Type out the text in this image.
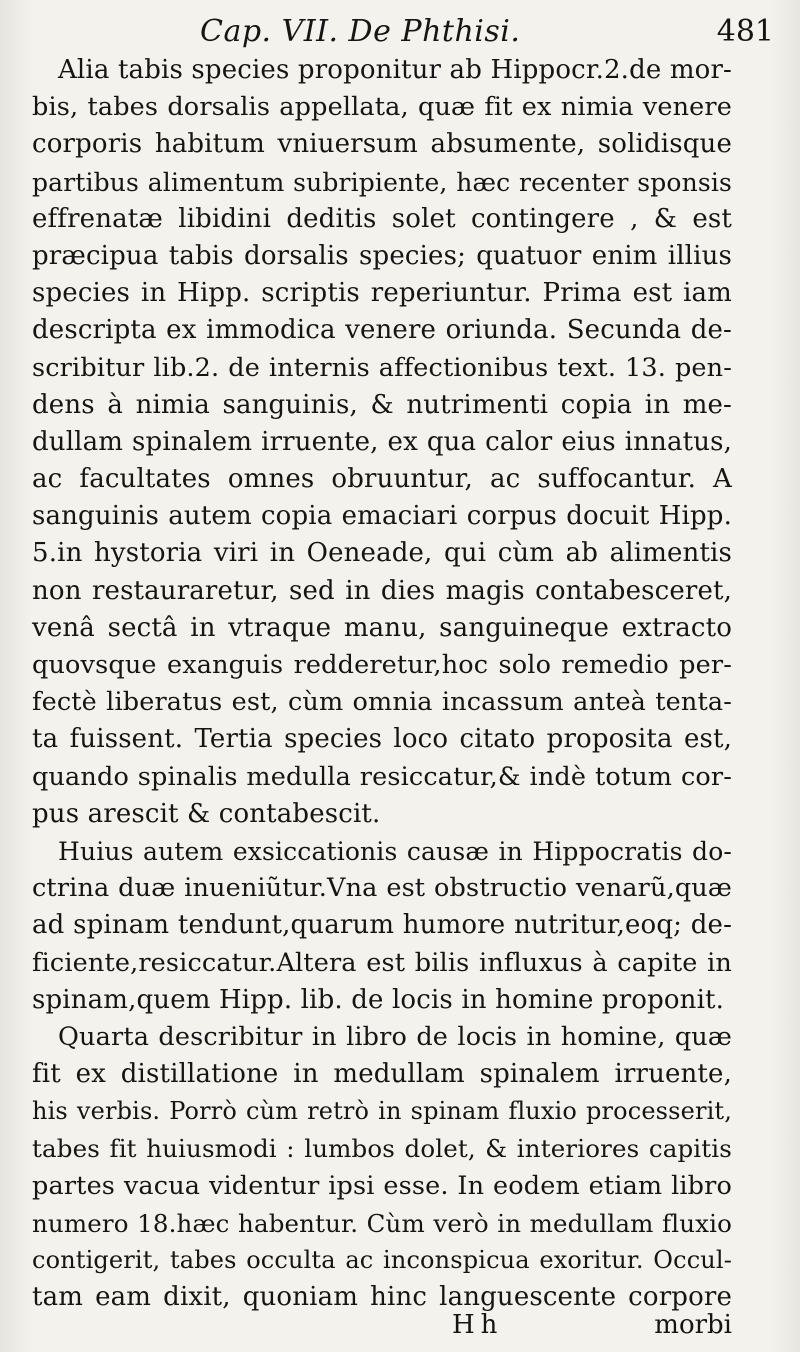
Cap. VII. De Phthisi.	481
Alia tabis species proponitur ab Hippocr.2.de mor-
bis, tabes dorsalis appellata, quæ fit ex nimia venere
corporis habitum vniuersum absumente, solidisque
partibus alimentum subripiente, hæc recenter sponsis
effrenatæ libidini deditis solet contingere , & est
præcipua tabis dorsalis species; quatuor enim illius
species in Hipp. scriptis reperiuntur. Prima est iam
descripta ex immodica venere oriunda. Secunda de-
scribitur lib.2. de internis affectionibus text. 13. pen-
dens à nimia sanguinis, & nutrimenti copia in me-
dullam spinalem irruente, ex qua calor eius innatus,
ac facultates omnes obruuntur, ac suffocantur. A
sanguinis autem copia emaciari corpus docuit Hipp.
5.in hystoria viri in Oeneade, qui cùm ab alimentis
non restauraretur, sed in dies magis contabesceret,
venâ sectâ in vtraque manu, sanguineque extracto
quovsque exanguis redderetur,hoc solo remedio per-
fectè liberatus est, cùm omnia incassum anteà tenta-
ta fuissent. Tertia species loco citato proposita est,
quando spinalis medulla resiccatur,& indè totum cor-
pus arescit & contabescit.
Huius autem exsiccationis causæ in Hippocratis do-
ctrina duæ inueniũtur.Vna est obstructio venarũ,quæ
ad spinam tendunt,quarum humore nutritur,eoq; de-
ficiente,resiccatur.Altera est bilis influxus à capite in
spinam,quem Hipp. lib. de locis in homine proponit.
Quarta describitur in libro de locis in homine, quæ
fit ex distillatione in medullam spinalem irruente,
his verbis. Porrò cùm retrò in spinam fluxio processerit,
tabes fit huiusmodi : lumbos dolet, & interiores capitis
partes vacua videntur ipsi esse. In eodem etiam libro
numero 18.hæc habentur. Cùm verò in medullam fluxio
contigerit, tabes occulta ac inconspicua exoritur. Occul-
tam eam dixit, quoniam hinc languescente corpore
Hh	morbi
